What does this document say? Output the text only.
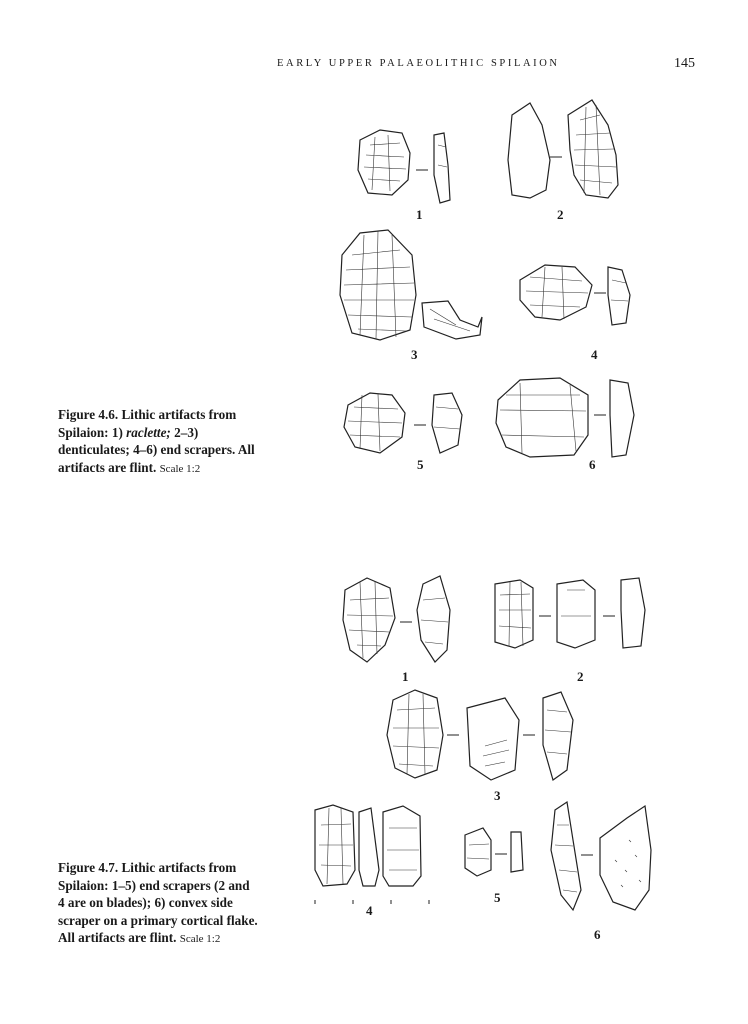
EARLY UPPER PALAEOLITHIC SPILAION	145
Figure 4.6. Lithic artifacts from Spilaion: 1) raclette; 2–3) denticulates; 4–6) end scrapers. All artifacts are flint. Scale 1:2
Figure 4.7. Lithic artifacts from Spilaion: 1–5) end scrapers (2 and 4 are on blades); 6) convex side scraper on a primary cortical flake. All artifacts are flint. Scale 1:2
1	2
3	4
5	6
1	2
3
4
5
6
